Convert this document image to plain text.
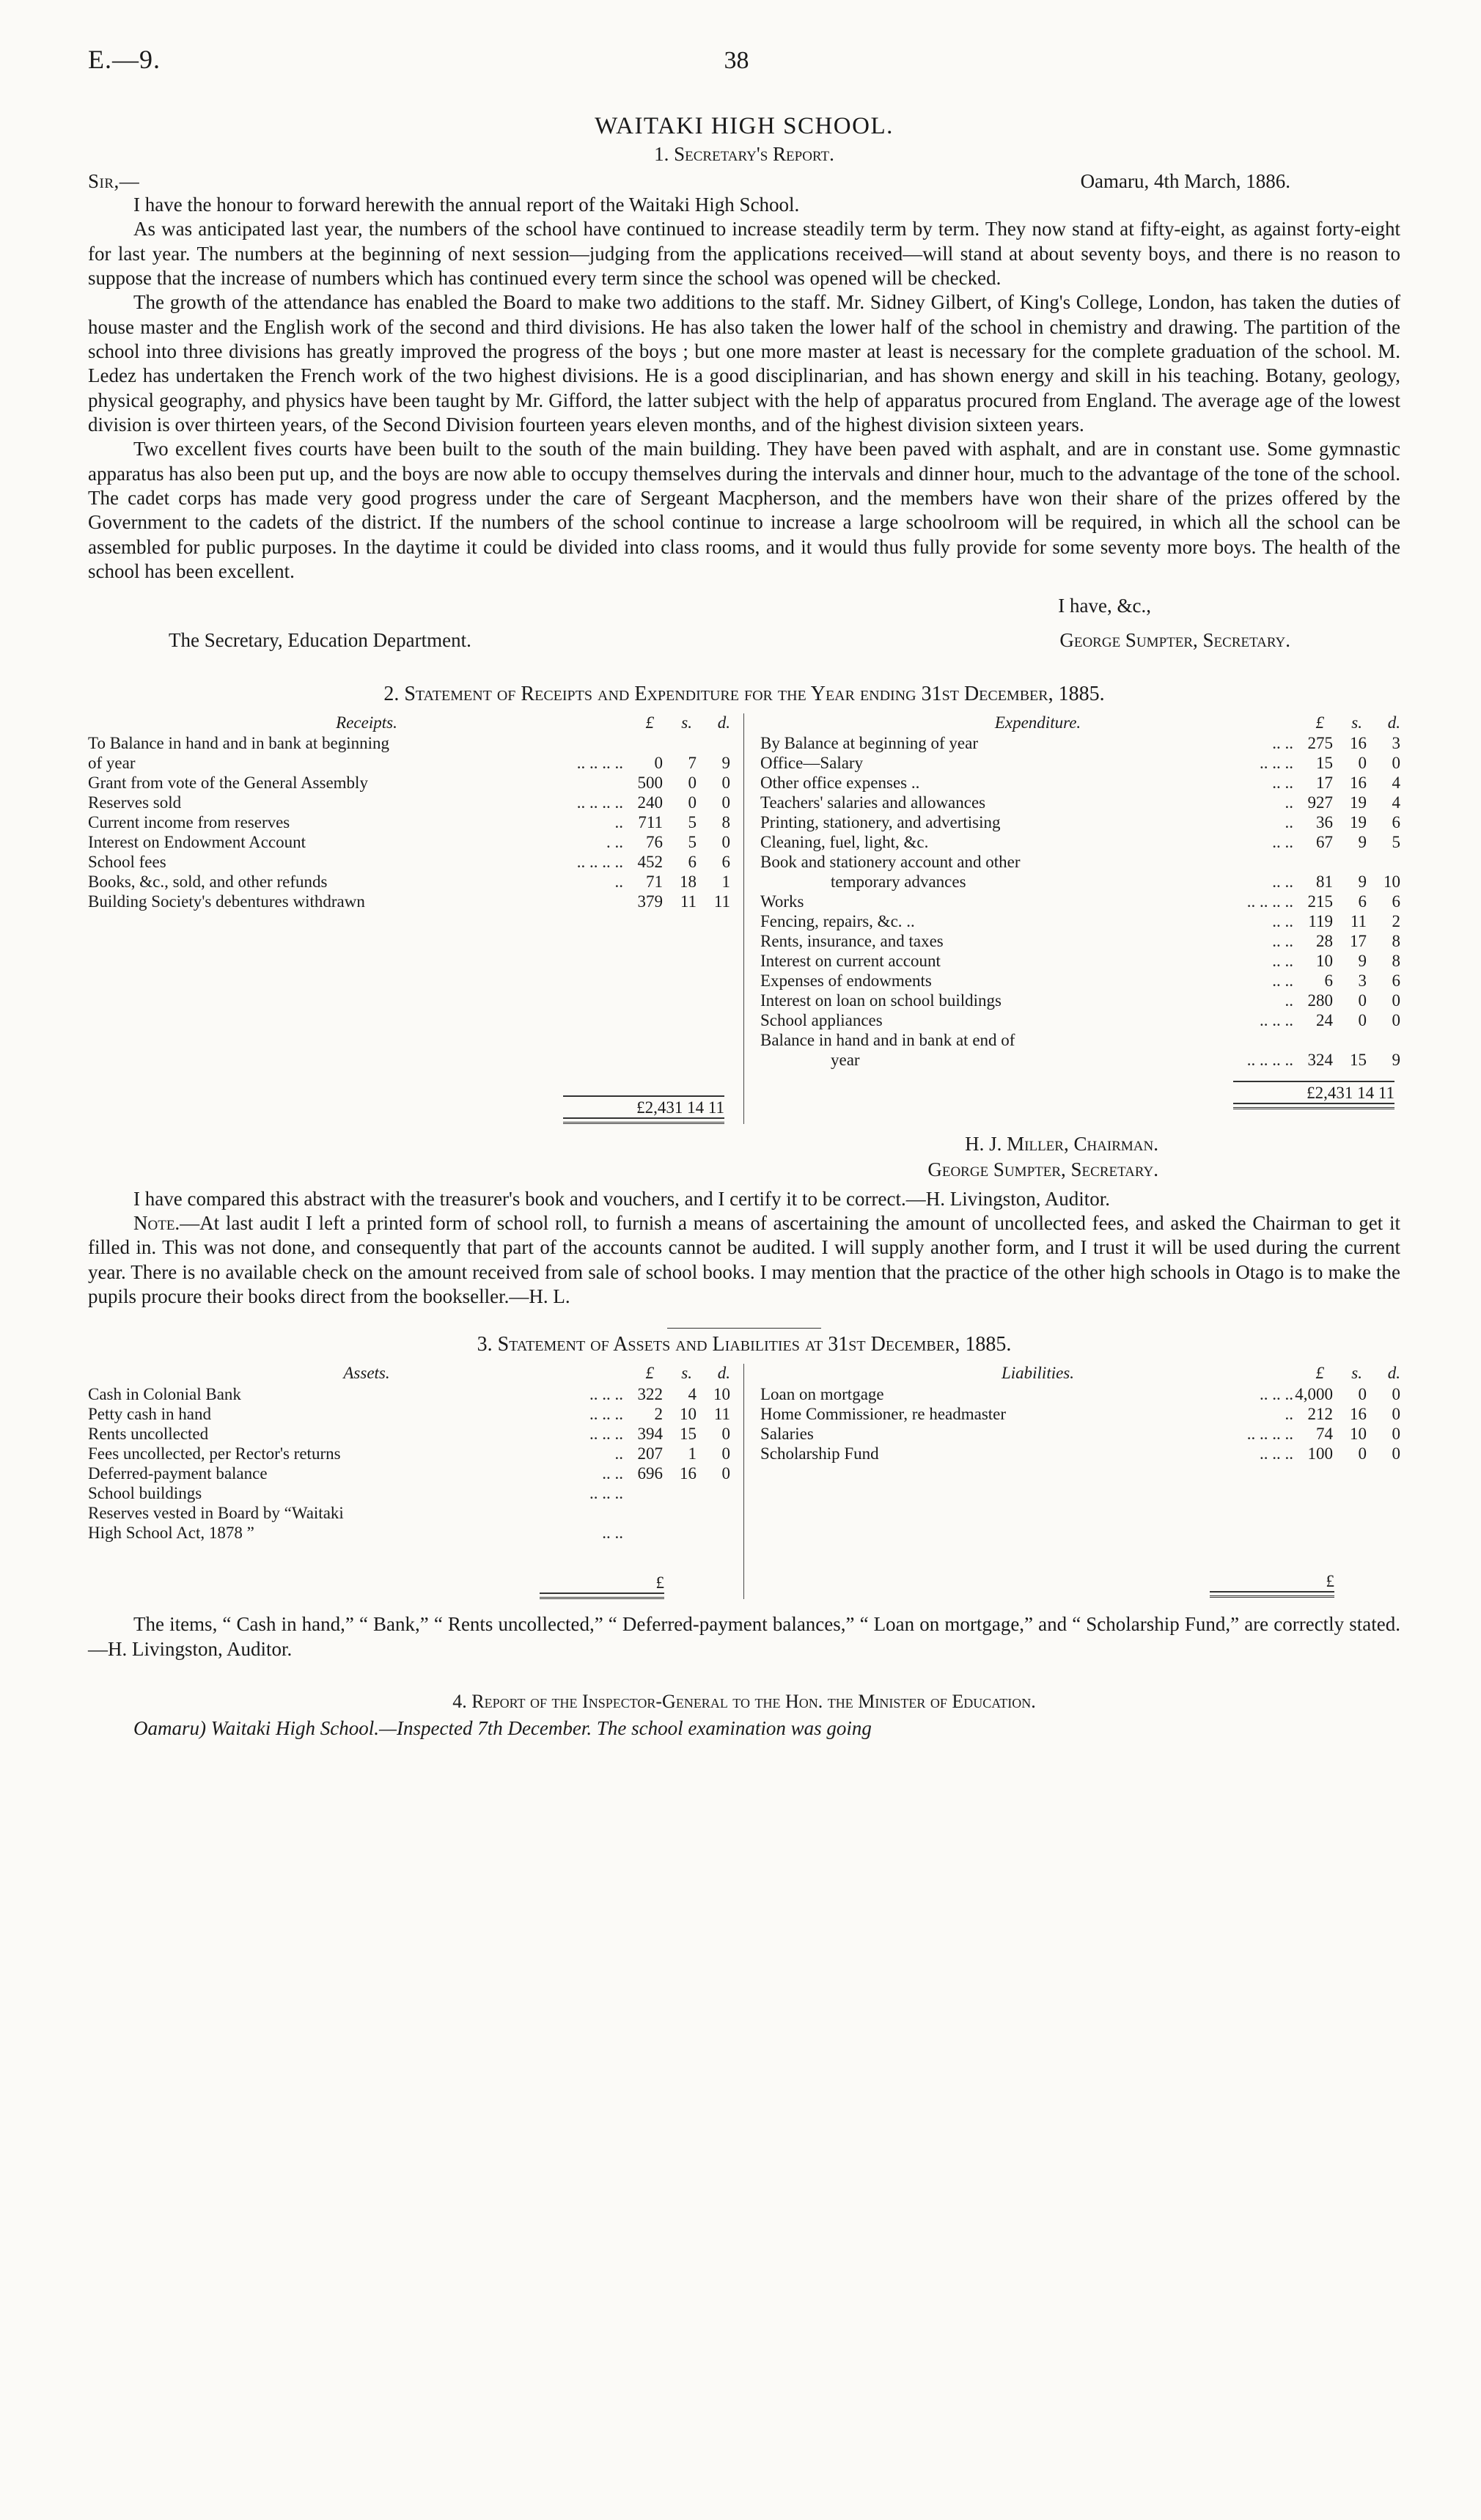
E.—9.	38
WAITAKI HIGH SCHOOL.
1. Secretary's Report.
Sir,—	Oamaru, 4th March, 1886.

I have the honour to forward herewith the annual report of the Waitaki High School.

As was anticipated last year, the numbers of the school have continued to increase steadily term by term. They now stand at fifty-eight, as against forty-eight for last year. The numbers at the beginning of next session—judging from the applications received—will stand at about seventy boys, and there is no reason to suppose that the increase of numbers which has continued every term since the school was opened will be checked.

The growth of the attendance has enabled the Board to make two additions to the staff. Mr. Sidney Gilbert, of King's College, London, has taken the duties of house master and the English work of the second and third divisions. He has also taken the lower half of the school in chemistry and drawing. The partition of the school into three divisions has greatly improved the progress of the boys ; but one more master at least is necessary for the complete graduation of the school. M. Ledez has undertaken the French work of the two highest divisions. He is a good disciplinarian, and has shown energy and skill in his teaching. Botany, geology, physical geography, and physics have been taught by Mr. Gifford, the latter subject with the help of apparatus procured from England. The average age of the lowest division is over thirteen years, of the Second Division fourteen years eleven months, and of the highest division sixteen years.

Two excellent fives courts have been built to the south of the main building. They have been paved with asphalt, and are in constant use. Some gymnastic apparatus has also been put up, and the boys are now able to occupy themselves during the intervals and dinner hour, much to the advantage of the tone of the school. The cadet corps has made very good progress under the care of Sergeant Macpherson, and the members have won their share of the prizes offered by the Government to the cadets of the district. If the numbers of the school continue to increase a large schoolroom will be required, in which all the school can be assembled for public purposes. In the daytime it could be divided into class rooms, and it would thus fully provide for some seventy more boys. The health of the school has been excellent.

I have, &c.,
The Secretary, Education Department.	George Sumpter, Secretary.
2. Statement of Receipts and Expenditure for the Year ending 31st December, 1885.
Receipts.	£	s.	d.
To Balance in hand and in bank at beginning				
of year	.. .. .. ..	0	7	9
Grant from vote of the General Assembly		500	0	0
Reserves sold	.. .. .. ..	240	0	0
Current income from reserves	..	711	5	8
Interest on Endowment Account	. ..	76	5	0
School fees	.. .. .. ..	452	6	6
Books, &c., sold, and other refunds	..	71	18	1
Building Society's debentures withdrawn		379	11	11
£2,431 14 11
Expenditure.	£	s.	d.
By Balance at beginning of year	.. ..	275	16	3
Office—Salary	.. .. ..	15	0	0
Other office expenses ..	.. ..	17	16	4
Teachers' salaries and allowances	..	927	19	4
Printing, stationery, and advertising	..	36	19	6
Cleaning, fuel, light, &c.	.. ..	67	9	5
Book and stationery account and other				
temporary advances	.. ..	81	9	10
Works	.. .. .. ..	215	6	6
Fencing, repairs, &c. ..	.. ..	119	11	2
Rents, insurance, and taxes	.. ..	28	17	8
Interest on current account	.. ..	10	9	8
Expenses of endowments	.. ..	6	3	6
Interest on loan on school buildings	..	280	0	0
School appliances	.. .. ..	24	0	0
Balance in hand and in bank at end of				
year	.. .. .. ..	324	15	9
£2,431 14 11
H. J. Miller, Chairman.
George Sumpter, Secretary.

I have compared this abstract with the treasurer's book and vouchers, and I certify it to be correct.—H. Livingston, Auditor.

Note.—At last audit I left a printed form of school roll, to furnish a means of ascertaining the amount of uncollected fees, and asked the Chairman to get it filled in. This was not done, and consequently that part of the accounts cannot be audited. I will supply another form, and I trust it will be used during the current year. There is no available check on the amount received from sale of school books. I may mention that the practice of the other high schools in Otago is to make the pupils procure their books direct from the bookseller.—H. L.

3. Statement of Assets and Liabilities at 31st December, 1885.
Assets.	£	s.	d.
Cash in Colonial Bank	.. .. ..	322	4	10
Petty cash in hand	.. .. ..	2	10	11
Rents uncollected	.. .. ..	394	15	0
Fees uncollected, per Rector's returns	..	207	1	0
Deferred-payment balance	.. ..	696	16	0
School buildings	.. .. ..			
Reserves vested in Board by “Waitaki				
High School Act, 1878 ”	.. ..			
£
Liabilities.	£	s.	d.
Loan on mortgage	.. .. ..	4,000	0	0
Home Commissioner, re headmaster	..	212	16	0
Salaries	.. .. .. ..	74	10	0
Scholarship Fund	.. .. ..	100	0	0
£

The items, “ Cash in hand,” “ Bank,” “ Rents uncollected,” “ Deferred-payment balances,” “ Loan on mortgage,” and “ Scholarship Fund,” are correctly stated.—H. Livingston, Auditor.

4. Report of the Inspector-General to the Hon. the Minister of Education.
Oamaru) Waitaki High School.—Inspected 7th December. The school examination was going
